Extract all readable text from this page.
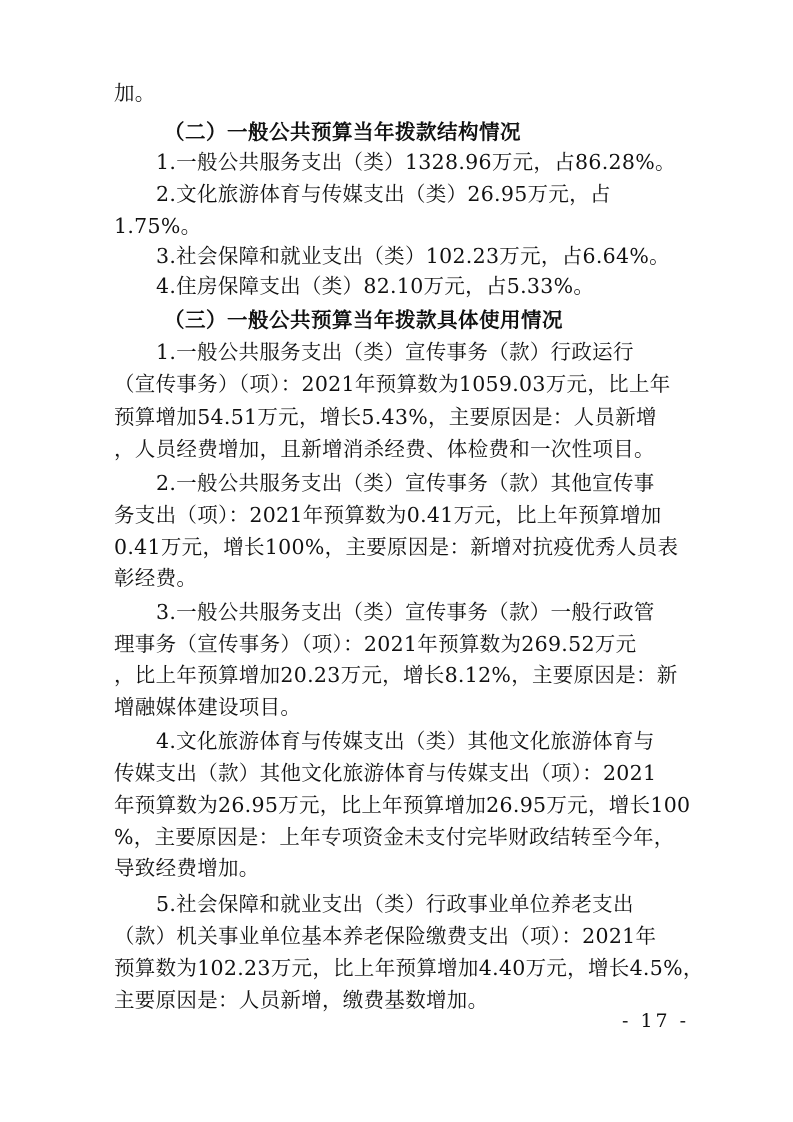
加。
（二）一般公共预算当年拨款结构情况
1.一般公共服务支出（类）1328.96万元，占86.28%。
2.文化旅游体育与传媒支出（类）26.95万元，占
1.75%。
3.社会保障和就业支出（类）102.23万元，占6.64%。
4.住房保障支出（类）82.10万元，占5.33%。
（三）一般公共预算当年拨款具体使用情况
1.一般公共服务支出（类）宣传事务（款）行政运行
（宣传事务）（项）：2021年预算数为1059.03万元，比上年
预算增加54.51万元，增长5.43%，主要原因是：人员新增
，人员经费增加，且新增消杀经费、体检费和一次性项目。
2.一般公共服务支出（类）宣传事务（款）其他宣传事
务支出（项）：2021年预算数为0.41万元，比上年预算增加
0.41万元，增长100%，主要原因是：新增对抗疫优秀人员表
彰经费。
3.一般公共服务支出（类）宣传事务（款）一般行政管
理事务（宣传事务）（项）：2021年预算数为269.52万元
，比上年预算增加20.23万元，增长8.12%，主要原因是：新
增融媒体建设项目。
4.文化旅游体育与传媒支出（类）其他文化旅游体育与
传媒支出（款）其他文化旅游体育与传媒支出（项）：2021
年预算数为26.95万元，比上年预算增加26.95万元，增长100
%，主要原因是：上年专项资金未支付完毕财政结转至今年，
导致经费增加。
5.社会保障和就业支出（类）行政事业单位养老支出
（款）机关事业单位基本养老保险缴费支出（项）：2021年
预算数为102.23万元，比上年预算增加4.40万元，增长4.5%，
主要原因是：人员新增，缴费基数增加。
- 17 -
